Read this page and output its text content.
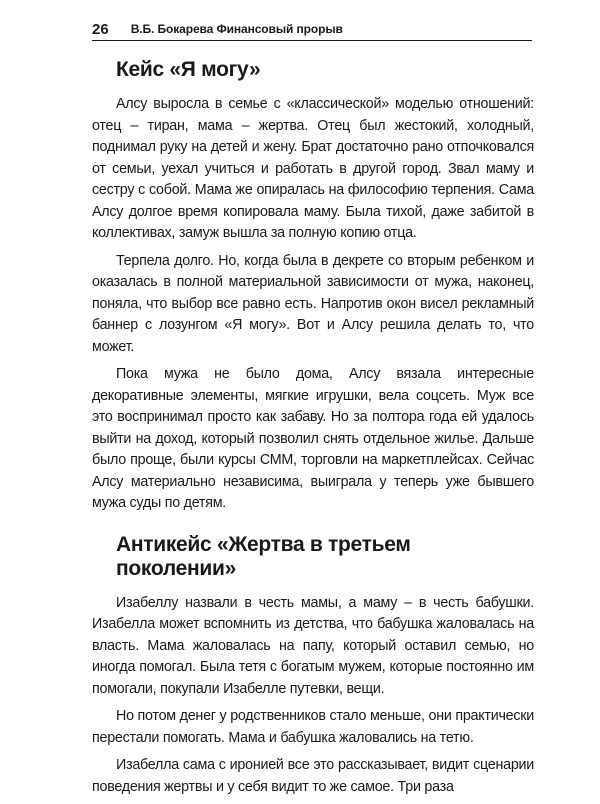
26 В.Б. Бокарева Финансовый прорыв
Кейс «Я могу»

Алсу выросла в семье с «классической» моделью отношений: отец – тиран, мама – жертва. Отец был жестокий, холодный, поднимал руку на детей и жену. Брат достаточно рано отпочковался от семьи, уехал учиться и работать в другой город. Звал маму и сестру с собой. Мама же опиралась на философию терпения. Сама Алсу долгое время копировала маму. Была тихой, даже забитой в коллективах, замуж вышла за полную копию отца.

Терпела долго. Но, когда была в декрете со вторым ребенком и оказалась в полной материальной зависимости от мужа, наконец, поняла, что выбор все равно есть. Напротив окон висел рекламный баннер с лозунгом «Я могу». Вот и Алсу решила делать то, что может.

Пока мужа не было дома, Алсу вязала интересные декоративные элементы, мягкие игрушки, вела соцсеть. Муж все это воспринимал просто как забаву. Но за полтора года ей удалось выйти на доход, который позволил снять отдельное жилье. Дальше было проще, были курсы СММ, торговли на маркетплейсах. Сейчас Алсу материально независима, выиграла у теперь уже бывшего мужа суды по детям.

Антикейс «Жертва в третьем поколении»

Изабеллу назвали в честь мамы, а маму – в честь бабушки. Изабелла может вспомнить из детства, что бабушка жаловалась на власть. Мама жаловалась на папу, который оставил семью, но иногда помогал. Была тетя с богатым мужем, которые постоянно им помогали, покупали Изабелле путевки, вещи.

Но потом денег у родственников стало меньше, они практически перестали помогать. Мама и бабушка жаловались на тетю.

Изабелла сама с иронией все это рассказывает, видит сценарии поведения жертвы и у себя видит то же самое. Три раза
